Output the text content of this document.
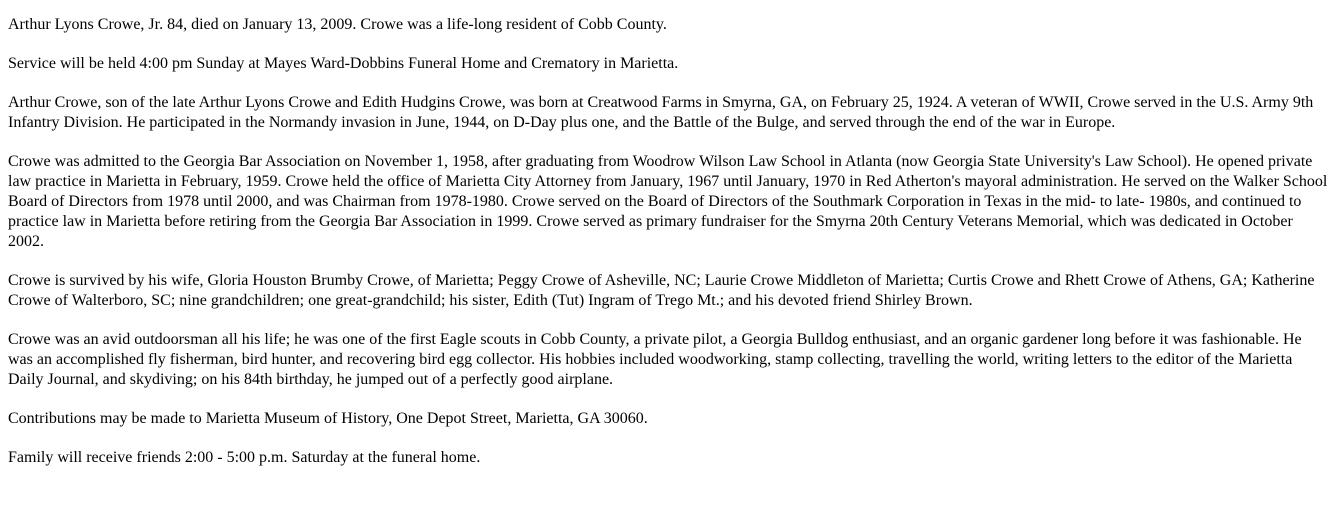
Arthur Lyons Crowe, Jr. 84, died on January 13, 2009. Crowe was a life-long resident of Cobb County.

Service will be held 4:00 pm Sunday at Mayes Ward-Dobbins Funeral Home and Crematory in Marietta.

Arthur Crowe, son of the late Arthur Lyons Crowe and Edith Hudgins Crowe, was born at Creatwood Farms in Smyrna, GA, on February 25, 1924. A veteran of WWII, Crowe served in the U.S. Army 9th Infantry Division. He participated in the Normandy invasion in June, 1944, on D-Day plus one, and the Battle of the Bulge, and served through the end of the war in Europe.

Crowe was admitted to the Georgia Bar Association on November 1, 1958, after graduating from Woodrow Wilson Law School in Atlanta (now Georgia State University's Law School). He opened private law practice in Marietta in February, 1959. Crowe held the office of Marietta City Attorney from January, 1967 until January, 1970 in Red Atherton's mayoral administration. He served on the Walker School Board of Directors from 1978 until 2000, and was Chairman from 1978-1980. Crowe served on the Board of Directors of the Southmark Corporation in Texas in the mid- to late- 1980s, and continued to practice law in Marietta before retiring from the Georgia Bar Association in 1999. Crowe served as primary fundraiser for the Smyrna 20th Century Veterans Memorial, which was dedicated in October 2002.

Crowe is survived by his wife, Gloria Houston Brumby Crowe, of Marietta; Peggy Crowe of Asheville, NC; Laurie Crowe Middleton of Marietta; Curtis Crowe and Rhett Crowe of Athens, GA; Katherine Crowe of Walterboro, SC; nine grandchildren; one great-grandchild; his sister, Edith (Tut) Ingram of Trego Mt.; and his devoted friend Shirley Brown.

Crowe was an avid outdoorsman all his life; he was one of the first Eagle scouts in Cobb County, a private pilot, a Georgia Bulldog enthusiast, and an organic gardener long before it was fashionable. He was an accomplished fly fisherman, bird hunter, and recovering bird egg collector. His hobbies included woodworking, stamp collecting, travelling the world, writing letters to the editor of the Marietta Daily Journal, and skydiving; on his 84th birthday, he jumped out of a perfectly good airplane.

Contributions may be made to Marietta Museum of History, One Depot Street, Marietta, GA 30060.

Family will receive friends 2:00 - 5:00 p.m. Saturday at the funeral home.
